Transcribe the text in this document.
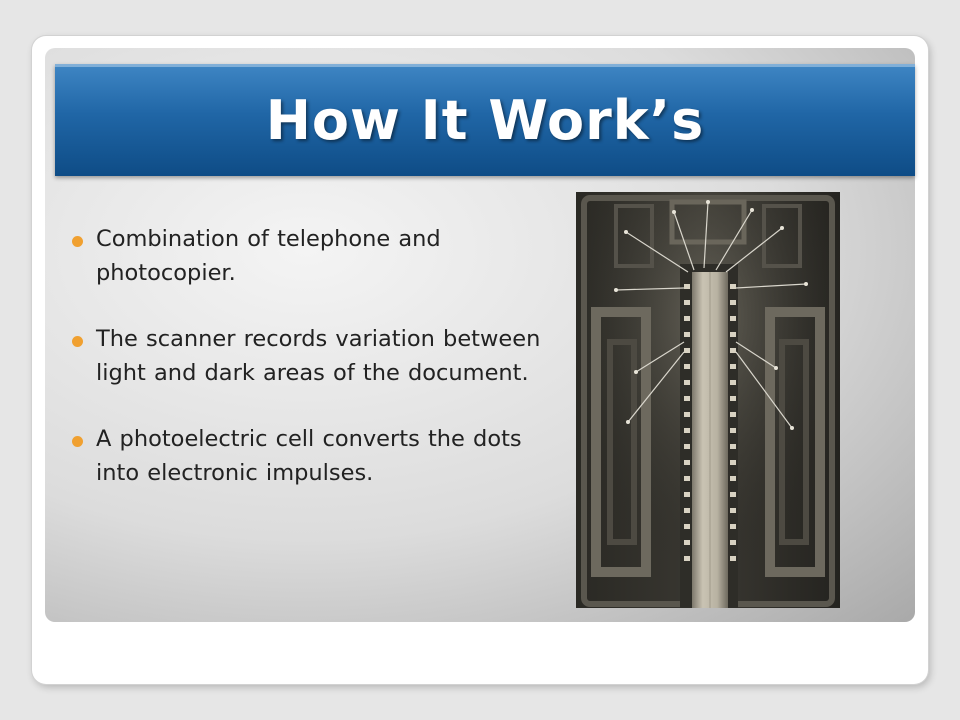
How It Work’s
Combination of telephone and photocopier.
The scanner records variation between light and dark areas of the document.
A photoelectric cell converts the dots into electronic impulses.
